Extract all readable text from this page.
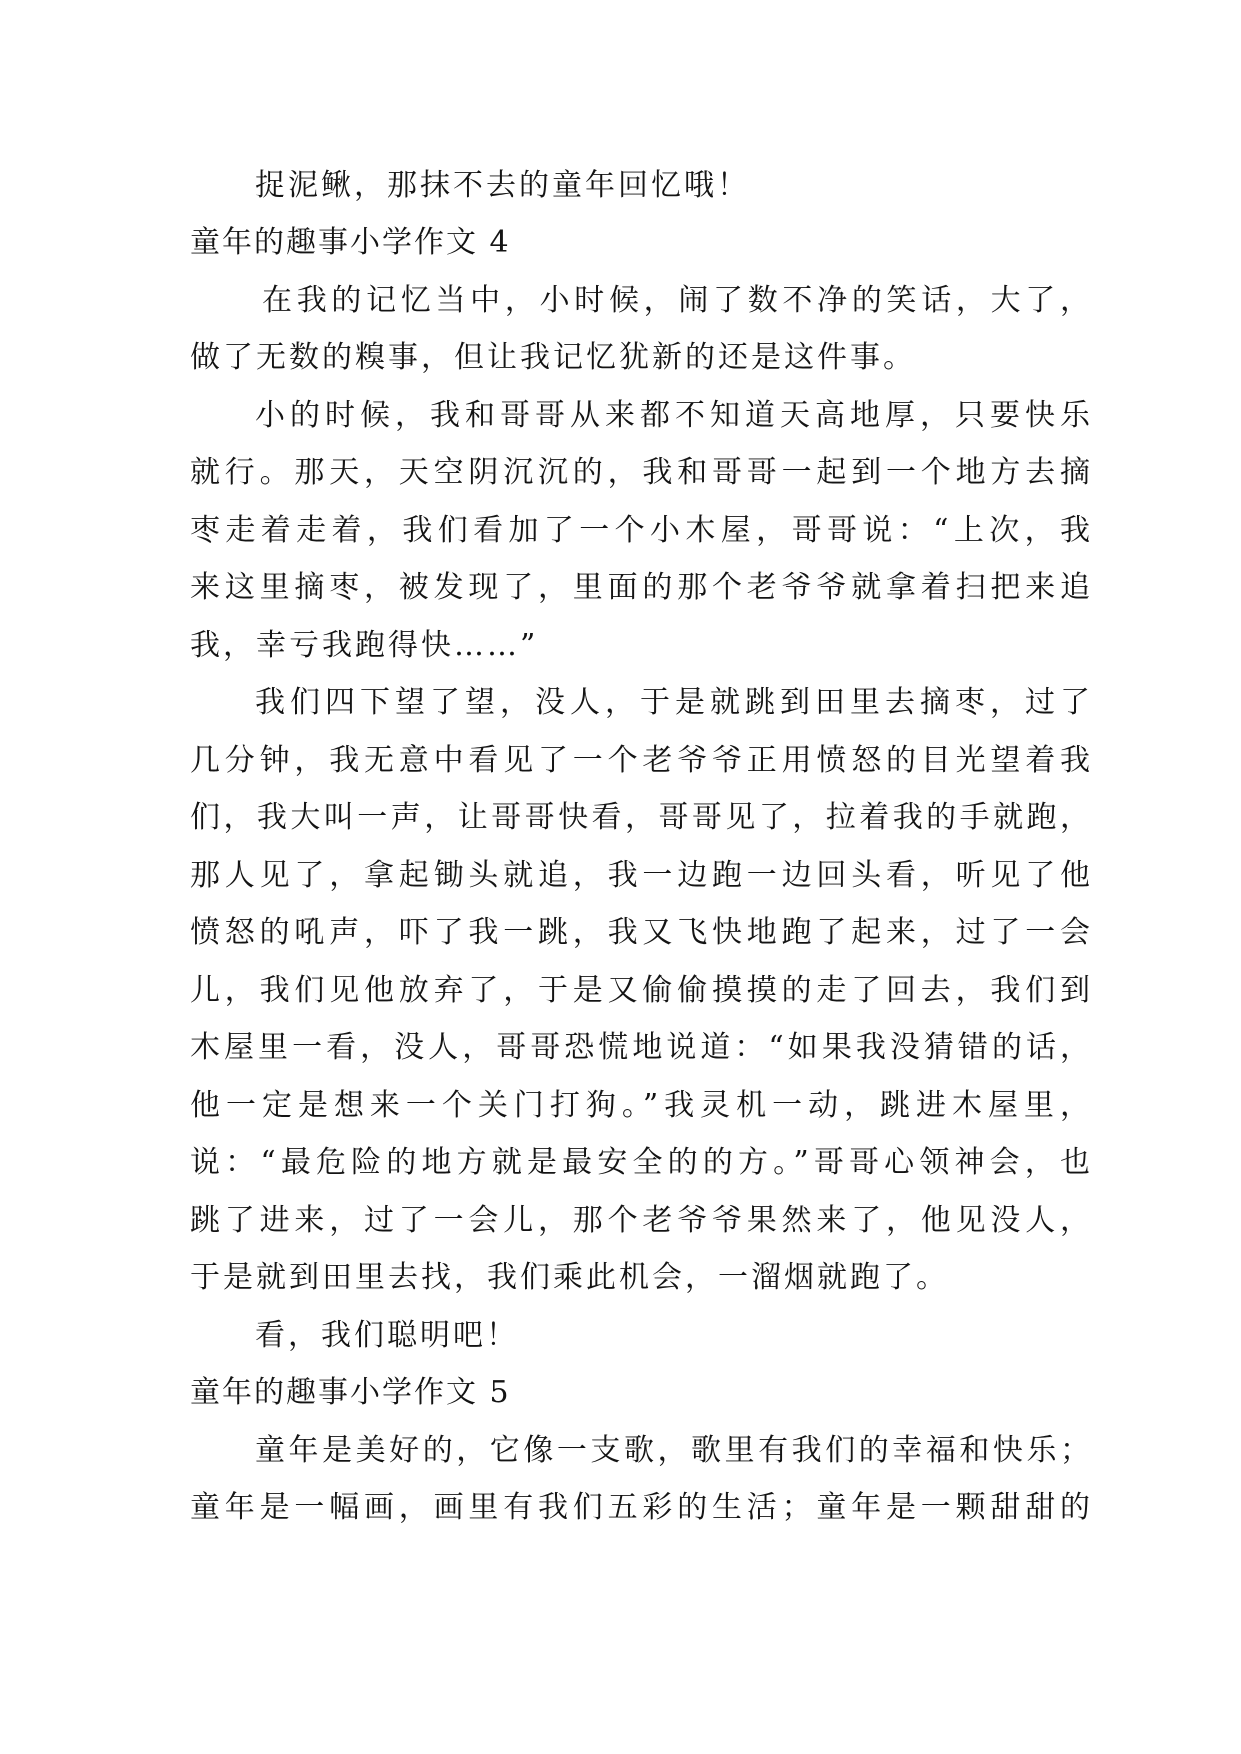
捉泥鳅，那抹不去的童年回忆哦！
童年的趣事小学作文 4
在我的记忆当中，小时候，闹了数不净的笑话，大了，
做了无数的糗事，但让我记忆犹新的还是这件事。
小的时候，我和哥哥从来都不知道天高地厚，只要快乐
就行。那天，天空阴沉沉的，我和哥哥一起到一个地方去摘
枣走着走着，我们看加了一个小木屋，哥哥说：“上次，我
来这里摘枣，被发现了，里面的那个老爷爷就拿着扫把来追
我，幸亏我跑得快……”
我们四下望了望，没人，于是就跳到田里去摘枣，过了
几分钟，我无意中看见了一个老爷爷正用愤怒的目光望着我
们，我大叫一声，让哥哥快看，哥哥见了，拉着我的手就跑，
那人见了，拿起锄头就追，我一边跑一边回头看，听见了他
愤怒的吼声，吓了我一跳，我又飞快地跑了起来，过了一会
儿，我们见他放弃了，于是又偷偷摸摸的走了回去，我们到
木屋里一看，没人，哥哥恐慌地说道：“如果我没猜错的话，
他一定是想来一个关门打狗。”我灵机一动，跳进木屋里，
说：“最危险的地方就是最安全的的方。”哥哥心领神会，也
跳了进来，过了一会儿，那个老爷爷果然来了，他见没人，
于是就到田里去找，我们乘此机会，一溜烟就跑了。
看，我们聪明吧！
童年的趣事小学作文 5
童年是美好的，它像一支歌，歌里有我们的幸福和快乐；
童年是一幅画，画里有我们五彩的生活；童年是一颗甜甜的
